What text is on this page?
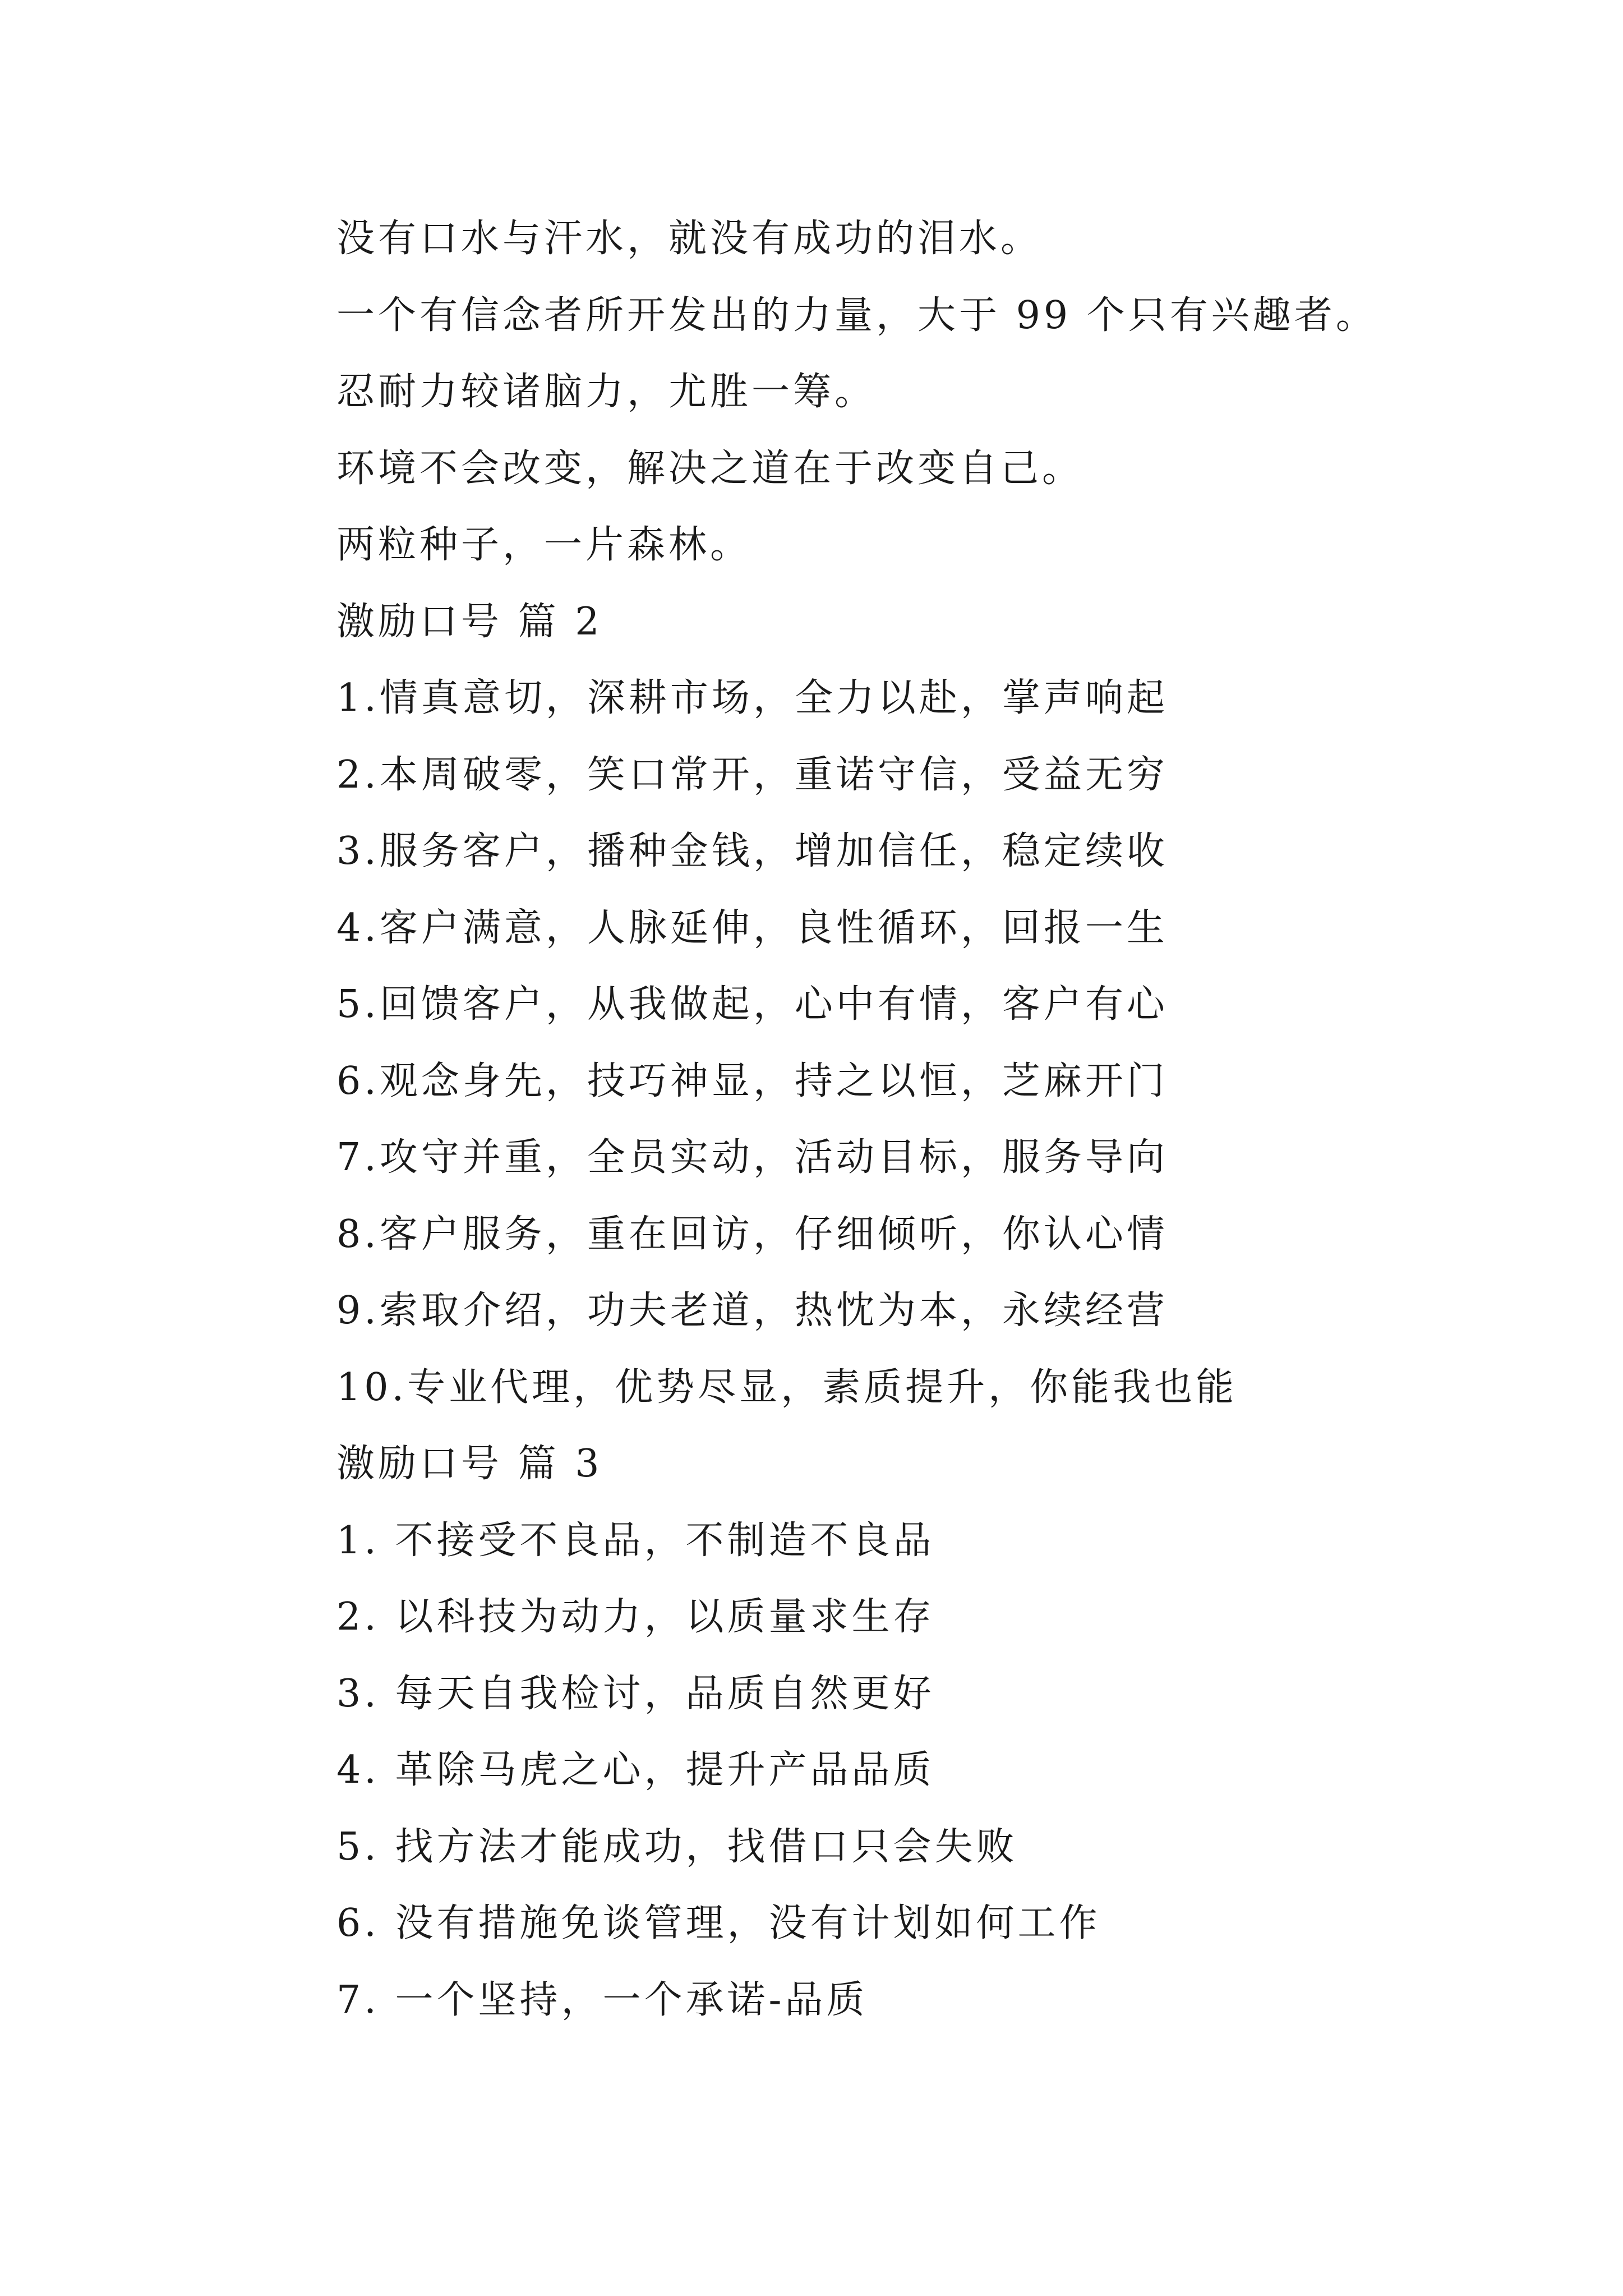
没有口水与汗水，就没有成功的泪水。
一个有信念者所开发出的力量，大于 99 个只有兴趣者。
忍耐力较诸脑力，尤胜一筹。
环境不会改变，解决之道在于改变自己。
两粒种子，一片森林。
激励口号 篇 2
1.情真意切，深耕市场，全力以赴，掌声响起
2.本周破零，笑口常开，重诺守信，受益无穷
3.服务客户，播种金钱，增加信任，稳定续收
4.客户满意，人脉延伸，良性循环，回报一生
5.回馈客户，从我做起，心中有情，客户有心
6.观念身先，技巧神显，持之以恒，芝麻开门
7.攻守并重，全员实动，活动目标，服务导向
8.客户服务，重在回访，仔细倾听，你认心情
9.索取介绍，功夫老道，热忱为本，永续经营
10.专业代理，优势尽显，素质提升，你能我也能
激励口号 篇 3
1. 不接受不良品，不制造不良品
2. 以科技为动力，以质量求生存
3. 每天自我检讨，品质自然更好
4. 革除马虎之心，提升产品品质
5. 找方法才能成功，找借口只会失败
6. 没有措施免谈管理，没有计划如何工作
7. 一个坚持，一个承诺-品质
